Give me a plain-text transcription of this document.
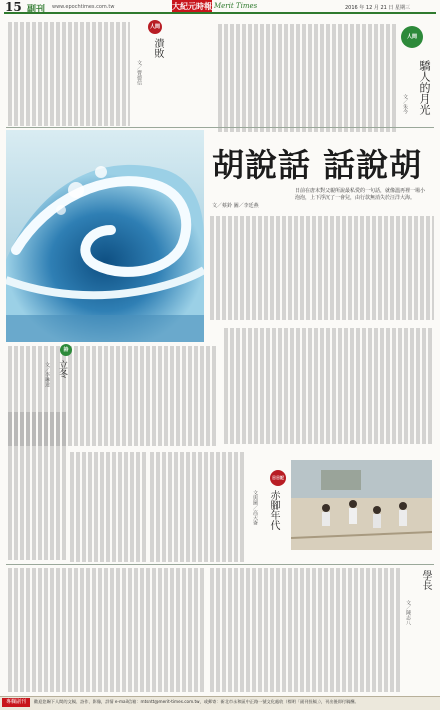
15 副刊 www.epochtimes.com.tw	大紀元時報 Merit Times	2016 年 12 月 21 日 星期三
人間
驕人的月光
文／朱今
人間
潰敗
文／曹德信
胡說話 話說胡
日前在唐末對父親所說最私愛的一句話，就像溫再裡一場小泡泡，上下浮沉了一會兒，由行款無消失於汪洋大海。
文／蔡鈴 圖／李廷燕
詩
立冬
文／李琳達
日日記
赤腳年代
文與圖／高天崙
學長
文／陳志八
專欄副刊	歡迎您賜下人間的文稿、詩作、影像，詳情 e-mail信箱：mtsntt@merit-times.com.tw，或郵寄：新北市永和區中正路一號文化處收（標明「副刊投稿」），刊出後即付稿酬。
